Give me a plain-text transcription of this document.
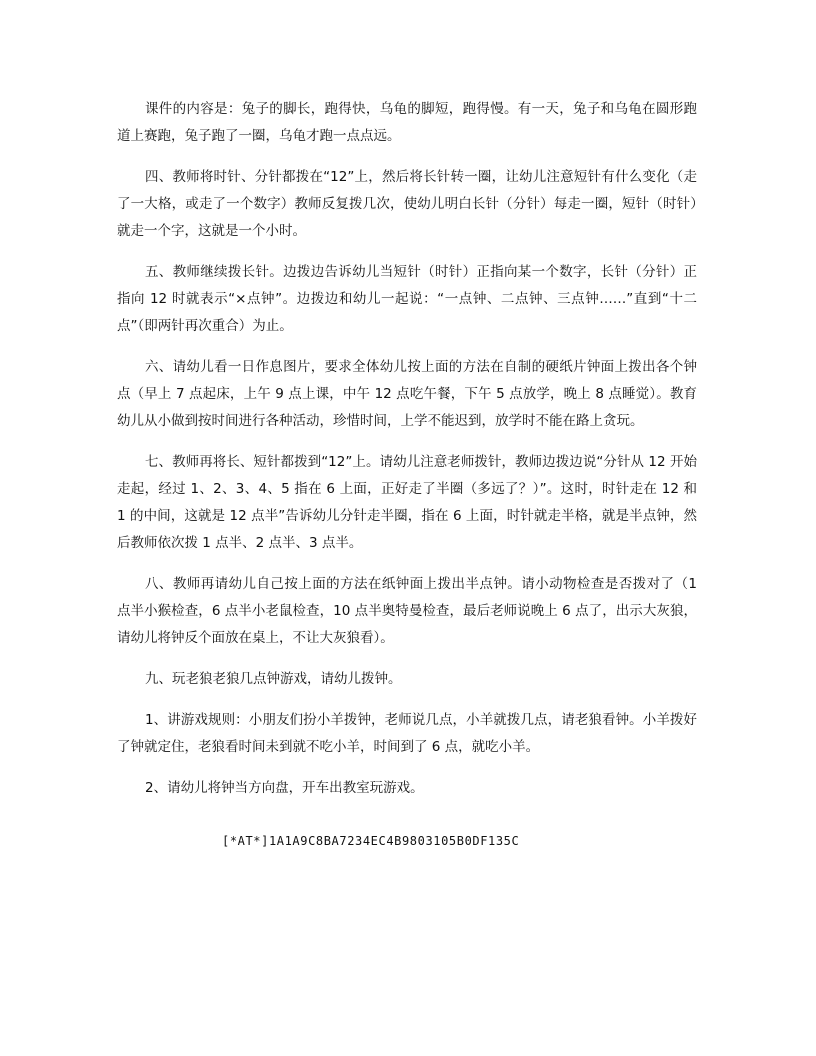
课件的内容是：兔子的脚长，跑得快，乌龟的脚短，跑得慢。有一天，兔子和乌龟在圆形跑道上赛跑，兔子跑了一圈，乌龟才跑一点点远。

四、教师将时针、分针都拨在“12”上，然后将长针转一圈，让幼儿注意短针有什么变化（走了一大格，或走了一个数字）教师反复拨几次，使幼儿明白长针（分针）每走一圈，短针（时针）就走一个字，这就是一个小时。

五、教师继续拨长针。边拨边告诉幼儿当短针（时针）正指向某一个数字，长针（分针）正指向 12 时就表示“×点钟”。边拨边和幼儿一起说：“一点钟、二点钟、三点钟……”直到“十二点”（即两针再次重合）为止。

六、请幼儿看一日作息图片，要求全体幼儿按上面的方法在自制的硬纸片钟面上拨出各个钟点（早上 7 点起床，上午 9 点上课，中午 12 点吃午餐，下午 5 点放学，晚上 8 点睡觉）。教育幼儿从小做到按时间进行各种活动，珍惜时间，上学不能迟到，放学时不能在路上贪玩。

七、教师再将长、短针都拨到“12”上。请幼儿注意老师拨针，教师边拨边说“分针从 12 开始走起，经过 1、2、3、4、5 指在 6 上面，正好走了半圈（多远了？）”。这时，时针走在 12 和 1 的中间，这就是 12 点半”告诉幼儿分针走半圈，指在 6 上面，时针就走半格，就是半点钟，然后教师依次拨 1 点半、2 点半、3 点半。

八、教师再请幼儿自己按上面的方法在纸钟面上拨出半点钟。请小动物检查是否拨对了（1 点半小猴检查，6 点半小老鼠检查，10 点半奥特曼检查，最后老师说晚上 6 点了，出示大灰狼，请幼儿将钟反个面放在桌上，不让大灰狼看）。

九、玩老狼老狼几点钟游戏，请幼儿拨钟。

1、讲游戏规则：小朋友们扮小羊拨钟，老师说几点，小羊就拨几点，请老狼看钟。小羊拨好了钟就定住，老狼看时间未到就不吃小羊，时间到了 6 点，就吃小羊。

2、请幼儿将钟当方向盘，开车出教室玩游戏。

[*AT*]1A1A9C8BA7234EC4B9803105B0DF135C
